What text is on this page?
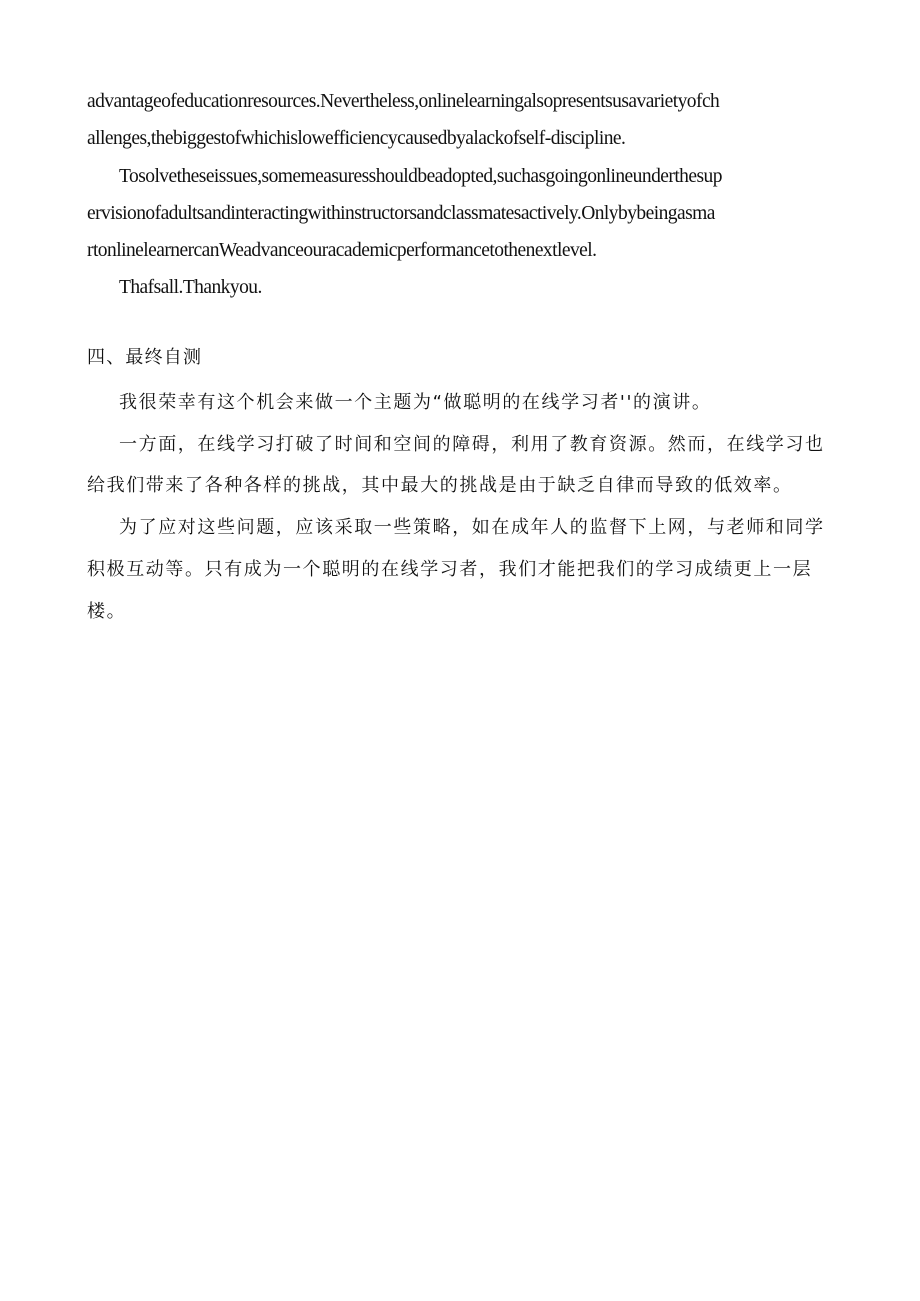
advantageofeducationresources.Nevertheless,onlinelearningalsopresentsusavarietyofch

allenges,thebiggestofwhichislowefficiencycausedbyalackofself-discipline.

Tosolvetheseissues,somemeasuresshouldbeadopted,suchasgoingonlineunderthesup

ervisionofadultsandinteractingwithinstructorsandclassmatesactively.Onlybybeingasma

rtonlinelearnercanWeadvanceouracademicperformancetothenextlevel.

Thafsall.Thankyou.

四、最终自测

我很荣幸有这个机会来做一个主题为“做聪明的在线学习者''的演讲。

一方面，在线学习打破了时间和空间的障碍，利用了教育资源。然而，在线学习也

给我们带来了各种各样的挑战，其中最大的挑战是由于缺乏自律而导致的低效率。

为了应对这些问题，应该采取一些策略，如在成年人的监督下上网，与老师和同学

积极互动等。只有成为一个聪明的在线学习者，我们才能把我们的学习成绩更上一层

楼。
